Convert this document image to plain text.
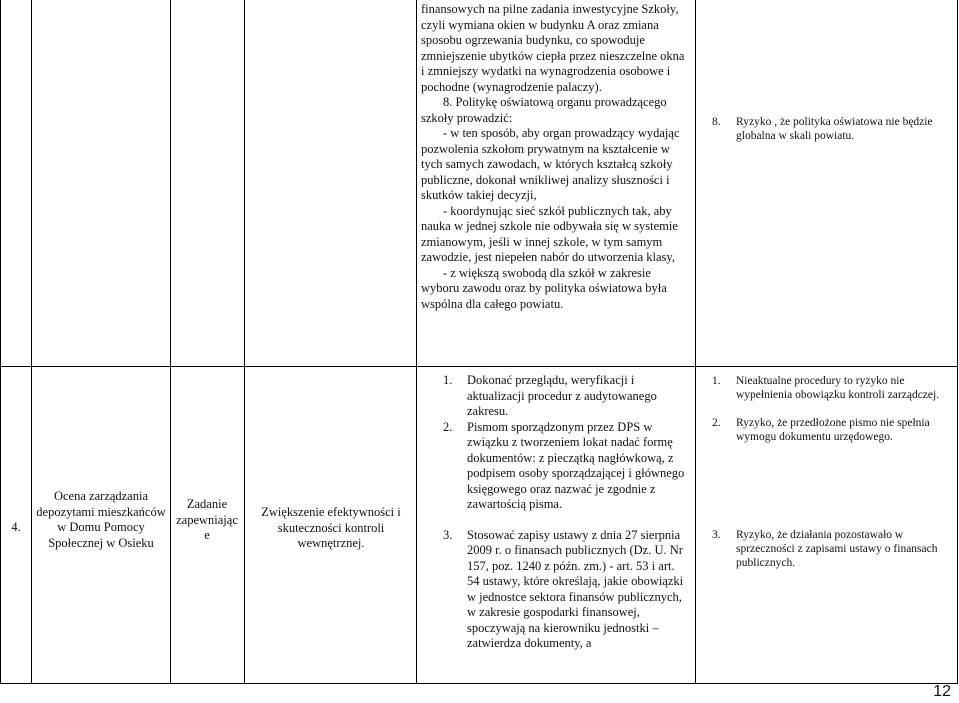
finansowych na pilne zadania inwestycyjne Szkoły, czyli wymiana okien w budynku A oraz zmiana sposobu ogrzewania budynku, co spowoduje zmniejszenie ubytków ciepła przez nieszczelne okna i zmniejszy wydatki na wynagrodzenia osobowe i pochodne (wynagrodzenie palaczy).

8. Politykę oświatową organu prowadzącego szkoły prowadzić:

- w ten sposób, aby organ prowadzący wydając pozwolenia szkołom prywatnym na kształcenie w tych samych zawodach, w których kształcą szkoły publiczne, dokonał wnikliwej analizy słuszności i skutków takiej decyzji,

- koordynując sieć szkół publicznych tak, aby nauka w jednej szkole nie odbywała się w systemie zmianowym, jeśli w innej szkole, w tym samym zawodzie, jest niepełen nabór do utworzenia klasy,

- z większą swobodą dla szkół w zakresie wyboru zawodu oraz by polityka oświatowa była wspólna dla całego powiatu.

8. Ryzyko , że polityka oświatowa nie będzie globalna w skali powiatu.

4.
Ocena zarządzania depozytami mieszkańców w Domu Pomocy Społecznej w Osieku
Zadanie zapewniając e
Zwiększenie efektywności i skuteczności kontroli wewnętrznej.
1. Dokonać przeglądu, weryfikacji i aktualizacji procedur z audytowanego zakresu.
2. Pismom sporządzonym przez DPS w związku z tworzeniem lokat nadać formę dokumentów: z pieczątką nagłówkową, z podpisem osoby sporządzającej i głównego księgowego oraz nazwać je zgodnie z zawartością pisma.
3. Stosować zapisy ustawy z dnia 27 sierpnia 2009 r. o finansach publicznych (Dz. U. Nr 157, poz. 1240 z późn. zm.) - art. 53 i art. 54 ustawy, które określają, jakie obowiązki w jednostce sektora finansów publicznych, w zakresie gospodarki finansowej, spoczywają na kierowniku jednostki – zatwierdza dokumenty, a

1. Nieaktualne procedury to ryzyko nie wypełnienia obowiązku kontroli zarządczej.

2. Ryzyko, że przedłożone pismo nie spełnia wymogu dokumentu urzędowego.

3. Ryzyko, że działania pozostawało w sprzeczności z zapisami ustawy o finansach publicznych.

12
